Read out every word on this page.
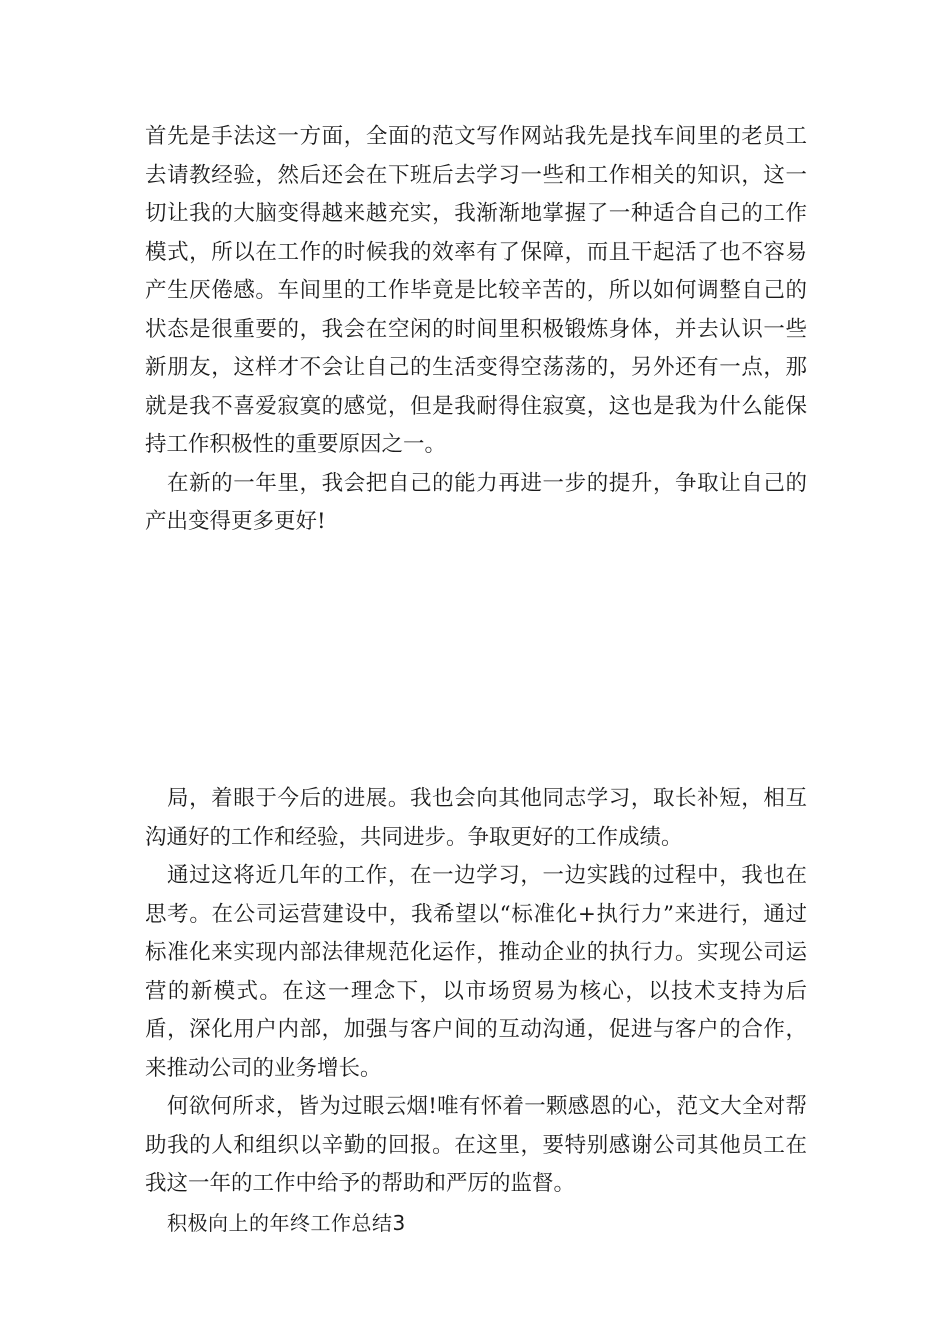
首先是手法这一方面，全面的范文写作网站我先是找车间里的老员工去请教经验，然后还会在下班后去学习一些和工作相关的知识，这一切让我的大脑变得越来越充实，我渐渐地掌握了一种适合自己的工作模式，所以在工作的时候我的效率有了保障，而且干起活了也不容易产生厌倦感。车间里的工作毕竟是比较辛苦的，所以如何调整自己的状态是很重要的，我会在空闲的时间里积极锻炼身体，并去认识一些新朋友，这样才不会让自己的生活变得空荡荡的，另外还有一点，那就是我不喜爱寂寞的感觉，但是我耐得住寂寞，这也是我为什么能保持工作积极性的重要原因之一。

在新的一年里，我会把自己的能力再进一步的提升，争取让自己的产出变得更多更好!

局，着眼于今后的进展。我也会向其他同志学习，取长补短，相互沟通好的工作和经验，共同进步。争取更好的工作成绩。

通过这将近几年的工作，在一边学习，一边实践的过程中，我也在思考。在公司运营建设中，我希望以“标准化+执行力”来进行，通过标准化来实现内部法律规范化运作，推动企业的执行力。实现公司运营的新模式。在这一理念下，以市场贸易为核心，以技术支持为后盾，深化用户内部，加强与客户间的互动沟通，促进与客户的合作，来推动公司的业务增长。

何欲何所求，皆为过眼云烟!唯有怀着一颗感恩的心，范文大全对帮助我的人和组织以辛勤的回报。在这里，要特别感谢公司其他员工在我这一年的工作中给予的帮助和严厉的监督。

积极向上的年终工作总结3
